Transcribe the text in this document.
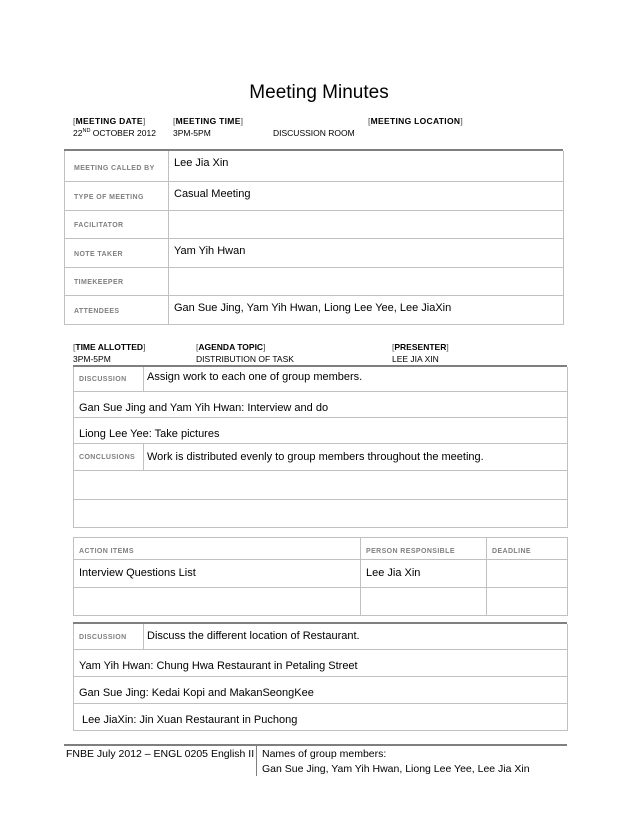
Meeting Minutes
[MEETING DATE]
22ND OCTOBER 2012
[MEETING TIME]
3PM-5PM
[MEETING LOCATION]
DISCUSSION ROOM
MEETING CALLED BY	Lee Jia Xin
TYPE OF MEETING	Casual Meeting
FACILITATOR	
NOTE TAKER	Yam Yih Hwan
TIMEKEEPER	
ATTENDEES	Gan Sue Jing, Yam Yih Hwan, Liong Lee Yee, Lee JiaXin
[TIME ALLOTTED]
3PM-5PM
[AGENDA TOPIC]
DISTRIBUTION OF TASK
[PRESENTER]
LEE JIA XIN
DISCUSSION	Assign work to each one of group members.
Gan Sue Jing and Yam Yih Hwan: Interview and do	
Liong Lee Yee: Take pictures	
CONCLUSIONS	Work is distributed evenly to group members throughout the meeting.

ACTION ITEMS	PERSON RESPONSIBLE	DEADLINE
Interview Questions List	Lee Jia Xin	

DISCUSSION	Discuss the different location of Restaurant.
Yam Yih Hwan: Chung Hwa Restaurant in Petaling Street
Gan Sue Jing: Kedai Kopi and MakanSeongKee
Lee JiaXin: Jin Xuan Restaurant in Puchong
FNBE July 2012 – ENGL 0205 English II Names of group members:
Gan Sue Jing, Yam Yih Hwan, Liong Lee Yee, Lee Jia Xin
